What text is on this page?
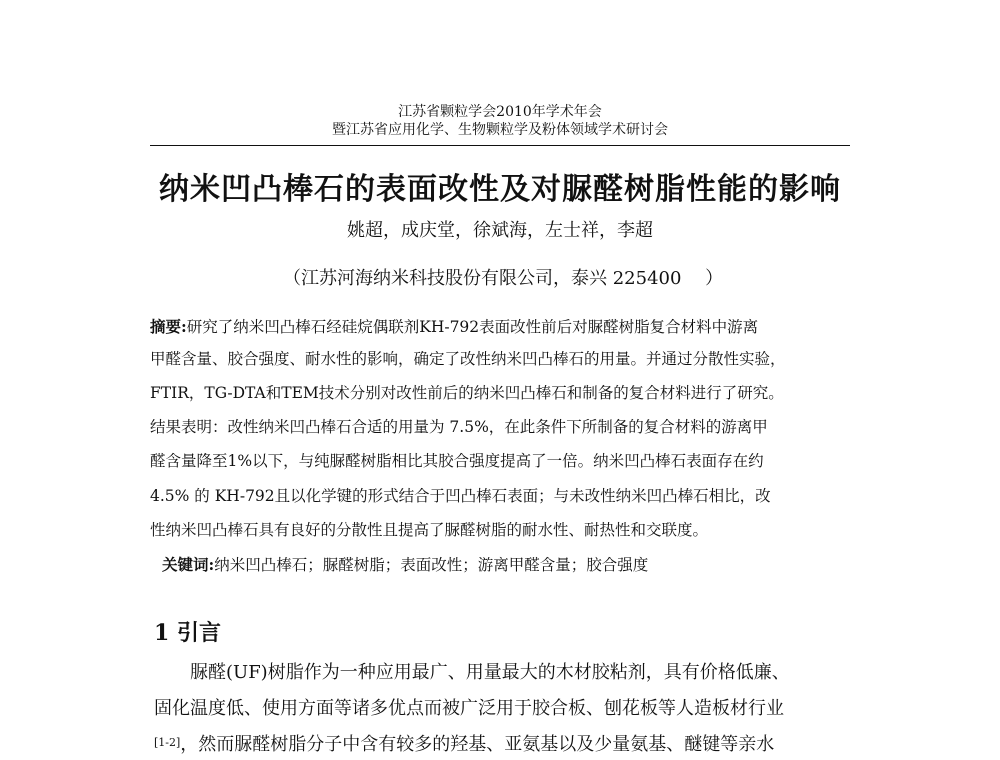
江苏省颗粒学会2010年学术年会
暨江苏省应用化学、生物颗粒学及粉体领域学术研讨会
纳米凹凸棒石的表面改性及对脲醛树脂性能的影响
姚超，成庆堂，徐斌海，左士祥，李超
（江苏河海纳米科技股份有限公司，泰兴 225400　 ）
摘要:研究了纳米凹凸棒石经硅烷偶联剂KH-792表面改性前后对脲醛树脂复合材料中游离
甲醛含量、胶合强度、耐水性的影响，确定了改性纳米凹凸棒石的用量。并通过分散性实验，
FTIR，TG-DTA和TEM技术分别对改性前后的纳米凹凸棒石和制备的复合材料进行了研究。
结果表明：改性纳米凹凸棒石合适的用量为 7.5%，在此条件下所制备的复合材料的游离甲
醛含量降至1%以下，与纯脲醛树脂相比其胶合强度提高了一倍。纳米凹凸棒石表面存在约
4.5% 的 KH-792且以化学键的形式结合于凹凸棒石表面；与未改性纳米凹凸棒石相比，改
性纳米凹凸棒石具有良好的分散性且提高了脲醛树脂的耐水性、耐热性和交联度。
关键词:纳米凹凸棒石；脲醛树脂；表面改性；游离甲醛含量；胶合强度
1 引言
脲醛(UF)树脂作为一种应用最广、用量最大的木材胶粘剂，具有价格低廉、
固化温度低、使用方面等诸多优点而被广泛用于胶合板、刨花板等人造板材行业
[1-2]，然而脲醛树脂分子中含有较多的羟基、亚氨基以及少量氨基、醚键等亲水
